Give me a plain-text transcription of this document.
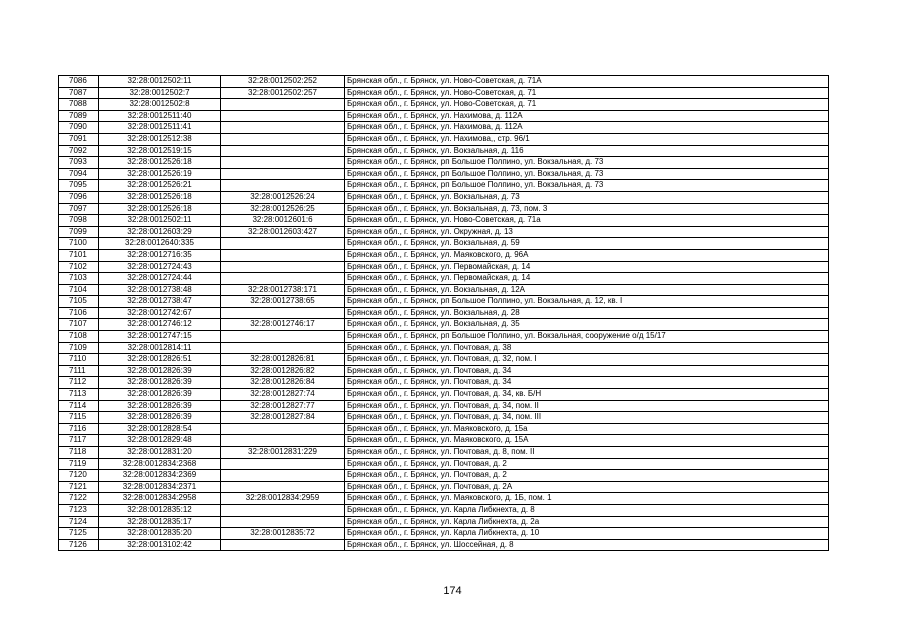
7086	32:28:0012502:11	32:28:0012502:252	Брянская обл., г. Брянск, ул. Ново-Советская, д. 71А
7087	32:28:0012502:7	32:28:0012502:257	Брянская обл., г. Брянск, ул. Ново-Советская, д. 71
7088	32:28:0012502:8		Брянская обл., г. Брянск, ул. Ново-Советская, д. 71
7089	32:28:0012511:40		Брянская обл., г. Брянск, ул. Нахимова, д. 112А
7090	32:28:0012511:41		Брянская обл., г. Брянск, ул. Нахимова, д. 112А
7091	32:28:0012512:38		Брянская обл., г. Брянск, ул. Нахимова,, стр. 96/1
7092	32:28:0012519:15		Брянская обл., г. Брянск, ул. Вокзальная, д. 116
7093	32:28:0012526:18		Брянская обл., г. Брянск, рп Большое Полпино, ул. Вокзальная, д. 73
7094	32:28:0012526:19		Брянская обл., г. Брянск, рп Большое Полпино, ул. Вокзальная, д. 73
7095	32:28:0012526:21		Брянская обл., г. Брянск, рп Большое Полпино, ул. Вокзальная, д. 73
7096	32:28:0012526:18	32:28:0012526:24	Брянская обл., г. Брянск, ул. Вокзальная, д. 73
7097	32:28:0012526:18	32:28:0012526:25	Брянская обл., г. Брянск, ул. Вокзальная, д. 73, пом. 3
7098	32:28:0012502:11	32:28:0012601:6	Брянская обл., г. Брянск, ул. Ново-Советская, д. 71а
7099	32:28:0012603:29	32:28:0012603:427	Брянская обл., г. Брянск, ул. Окружная, д. 13
7100	32:28:0012640:335		Брянская обл., г. Брянск, ул. Вокзальная, д. 59
7101	32:28:0012716:35		Брянская обл., г. Брянск, ул. Маяковского, д. 96А
7102	32:28:0012724:43		Брянская обл., г. Брянск, ул. Первомайская, д. 14
7103	32:28:0012724:44		Брянская обл., г. Брянск, ул. Первомайская, д. 14
7104	32:28:0012738:48	32:28:0012738:171	Брянская обл., г. Брянск, ул. Вокзальная, д. 12А
7105	32:28:0012738:47	32:28:0012738:65	Брянская обл., г. Брянск, рп Большое Полпино, ул. Вокзальная, д. 12, кв. I
7106	32:28:0012742:67		Брянская обл., г. Брянск, ул. Вокзальная, д. 28
7107	32:28:0012746:12	32:28:0012746:17	Брянская обл., г. Брянск, ул. Вокзальная, д. 35
7108	32:28:0012747:15		Брянская обл., г. Брянск, рп Большое Полпино, ул. Вокзальная, сооружение о/д 15/17
7109	32:28:0012814:11		Брянская обл., г. Брянск, ул. Почтовая, д. 38
7110	32:28:0012826:51	32:28:0012826:81	Брянская обл., г. Брянск, ул. Почтовая, д. 32, пом. I
7111	32:28:0012826:39	32:28:0012826:82	Брянская обл., г. Брянск, ул. Почтовая, д. 34
7112	32:28:0012826:39	32:28:0012826:84	Брянская обл., г. Брянск, ул. Почтовая, д. 34
7113	32:28:0012826:39	32:28:0012827:74	Брянская обл., г. Брянск, ул. Почтовая, д. 34, кв. Б/Н
7114	32:28:0012826:39	32:28:0012827:77	Брянская обл., г. Брянск, ул. Почтовая, д. 34, пом. II
7115	32:28:0012826:39	32:28:0012827:84	Брянская обл., г. Брянск, ул. Почтовая, д. 34, пом. III
7116	32:28:0012828:54		Брянская обл., г. Брянск, ул. Маяковского, д. 15а
7117	32:28:0012829:48		Брянская обл., г. Брянск, ул. Маяковского, д. 15А
7118	32:28:0012831:20	32:28:0012831:229	Брянская обл., г. Брянск, ул. Почтовая, д. 8, пом. II
7119	32:28:0012834:2368		Брянская обл., г. Брянск, ул. Почтовая, д. 2
7120	32:28:0012834:2369		Брянская обл., г. Брянск, ул. Почтовая, д. 2
7121	32:28:0012834:2371		Брянская обл., г. Брянск, ул. Почтовая, д. 2А
7122	32:28:0012834:2958	32:28:0012834:2959	Брянская обл., г. Брянск, ул. Маяковского, д. 1Б, пом. 1
7123	32:28:0012835:12		Брянская обл., г. Брянск, ул. Карла Либкнехта, д. 8
7124	32:28:0012835:17		Брянская обл., г. Брянск, ул. Карла Либкнехта, д. 2а
7125	32:28:0012835:20	32:28:0012835:72	Брянская обл., г. Брянск, ул. Карла Либкнехта, д. 10
7126	32:28:0013102:42		Брянская обл., г. Брянск, ул. Шоссейная, д. 8
174
